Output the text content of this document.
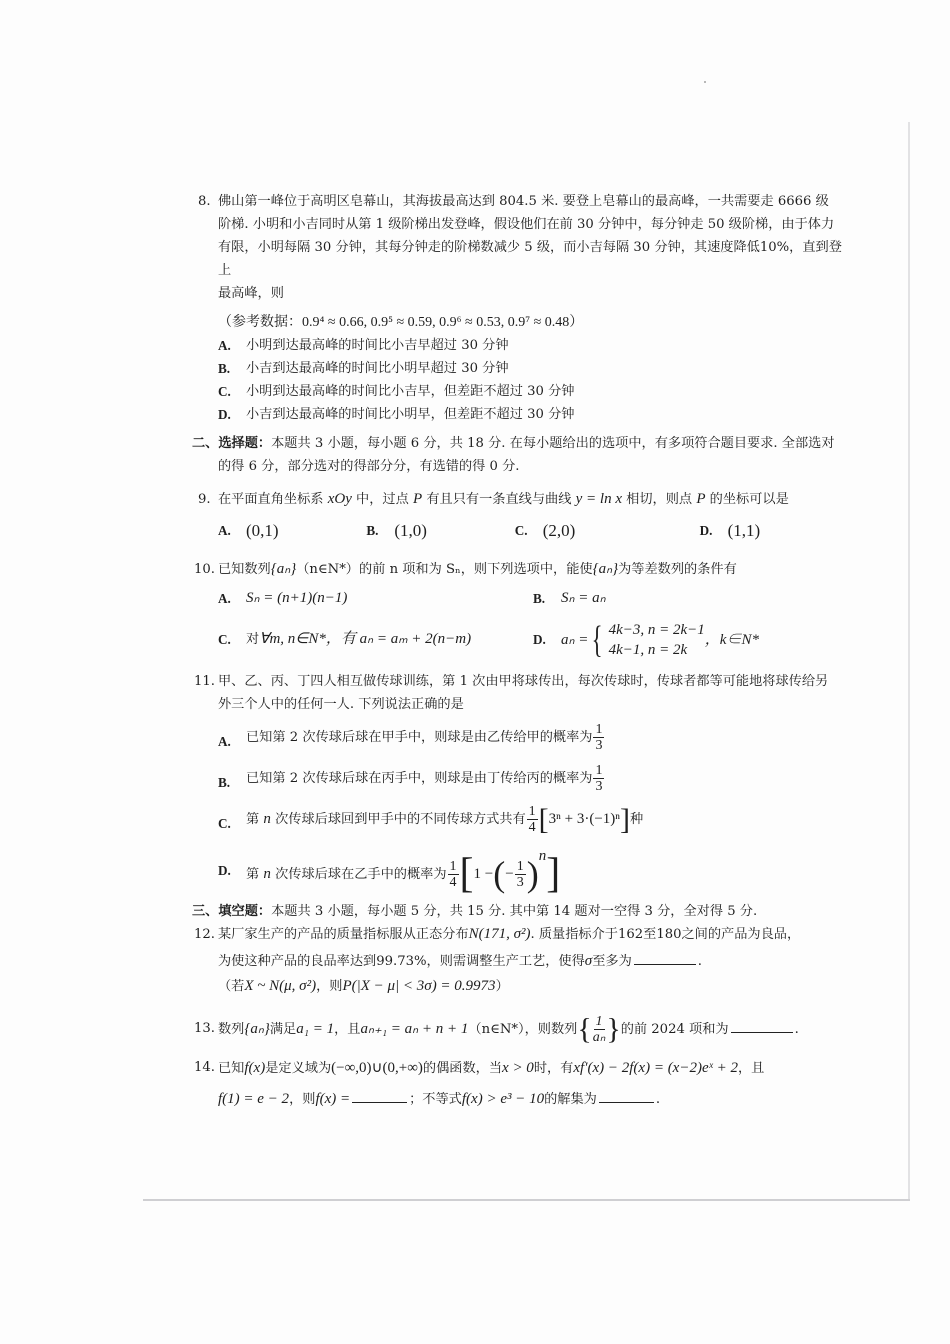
8. 佛山第一峰位于高明区皂幕山，其海拔最高达到 804.5 米. 要登上皂幕山的最高峰，一共需要走 6666 级
阶梯. 小明和小吉同时从第 1 级阶梯出发登峰，假设他们在前 30 分钟中，每分钟走 50 级阶梯，由于体力
有限，小明每隔 30 分钟，其每分钟走的阶梯数减少 5 级，而小吉每隔 30 分钟，其速度降低10%，直到登上
最高峰，则
（参考数据：0.9⁴ ≈ 0.66, 0.9⁵ ≈ 0.59, 0.9⁶ ≈ 0.53, 0.9⁷ ≈ 0.48）
A. 小明到达最高峰的时间比小吉早超过 30 分钟
B. 小吉到达最高峰的时间比小明早超过 30 分钟
C. 小明到达最高峰的时间比小吉早，但差距不超过 30 分钟
D. 小吉到达最高峰的时间比小明早，但差距不超过 30 分钟
二、选择题：本题共 3 小题，每小题 6 分，共 18 分. 在每小题给出的选项中，有多项符合题目要求. 全部选对
的得 6 分，部分选对的得部分分，有选错的得 0 分.
9. 在平面直角坐标系 xOy 中，过点 P 有且只有一条直线与曲线 y = ln x 相切，则点 P 的坐标可以是
A. (0,1)	B. (1,0)	C. (2,0)	D. (1,1)
10. 已知数列{aₙ}（n∈N*）的前 n 项和为 Sₙ，则下列选项中，能使{aₙ}为等差数列的条件有
A. Sₙ = (n+1)(n−1)	B. Sₙ = aₙ
C. 对∀m, n∈N*，有 aₙ = aₘ + 2(n−m)	D. aₙ = { 4k−3, n = 2k−1
4k−1, n = 2k
，k∈N*
11. 甲、乙、丙、丁四人相互做传球训练，第 1 次由甲将球传出，每次传球时，传球者都等可能地将球传给另
外三个人中的任何一人. 下列说法正确的是
A. 已知第 2 次传球后球在甲手中，则球是由乙传给甲的概率为 $\frac{1}{3}$
B. 已知第 2 次传球后球在丙手中，则球是由丁传给丙的概率为 $\frac{1}{3}$
C. 第 n 次传球后球回到甲手中的不同传球方式共有 $\frac{1}{4} [3^n + 3\cdot(-1)^n]$种
D. 第 n 次传球后球在乙手中的概率为 $\frac{1}{4} [1$ −(− $\frac{1}{3} )^n$]
三、填空题：本题共 3 小题，每小题 5 分，共 15 分. 其中第 14 题对一空得 3 分，全对得 5 分.
12. 某厂家生产的产品的质量指标服从正态分布N(171, σ²). 质量指标介于162至180之间的产品为良品，
为使这种产品的良品率达到99.73%，则需调整生产工艺，使得σ至多为	.
（若X ~ N(μ, σ²)，则P(|X − μ| < 3σ) = 0.9973）
13. 数列{aₙ}满足a₁ = 1，且aₙ₊₁ = aₙ + n + 1（n∈N*），则数列{ $\frac{1}{\text{aₙ}}$ }的前 2024 项和为	.
14. 已知f(x)是定义域为(−∞,0)∪(0,+∞)的偶函数，当x > 0时，有xf′(x) − 2f(x) = (x−2)eˣ + 2，且
f(1) = e − 2，则f(x) =	；不等式f(x) > e³ − 10的解集为	.
